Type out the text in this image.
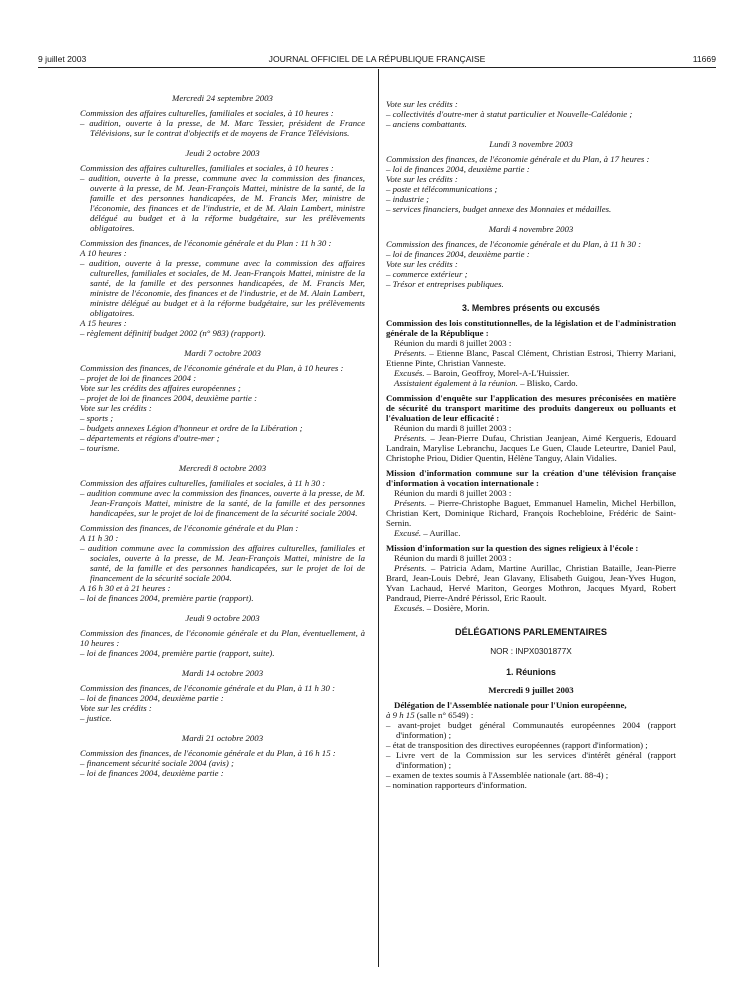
9 juillet 2003	JOURNAL OFFICIEL DE LA RÉPUBLIQUE FRANÇAISE	11669

Mercredi 24 septembre 2003

Commission des affaires culturelles, familiales et sociales, à 10 heures :

– audition, ouverte à la presse, de M. Marc Tessier, président de France Télévisions, sur le contrat d'objectifs et de moyens de France Télévisions.

Jeudi 2 octobre 2003

Commission des affaires culturelles, familiales et sociales, à 10 heures :

– audition, ouverte à la presse, commune avec la commission des finances, ouverte à la presse, de M. Jean-François Mattei, ministre de la santé, de la famille et des personnes handicapées, de M. Francis Mer, ministre de l'économie, des finances et de l'industrie, et de M. Alain Lambert, ministre délégué au budget et à la réforme budgétaire, sur les prélèvements obligatoires.

Commission des finances, de l'économie générale et du Plan : 11 h 30 :

A 10 heures :

– audition, ouverte à la presse, commune avec la commission des affaires culturelles, familiales et sociales, de M. Jean-François Mattei, ministre de la santé, de la famille et des personnes handicapées, de M. Francis Mer, ministre de l'économie, des finances et de l'industrie, et de M. Alain Lambert, ministre délégué au budget et à la réforme budgétaire, sur les prélèvements obligatoires.

A 15 heures :

– règlement définitif budget 2002 (n° 983) (rapport).

Mardi 7 octobre 2003

Commission des finances, de l'économie générale et du Plan, à 10 heures :

– projet de loi de finances 2004 :

Vote sur les crédits des affaires européennes ;

– projet de loi de finances 2004, deuxième partie :

Vote sur les crédits :

– sports ;

– budgets annexes Légion d'honneur et ordre de la Libération ;

– départements et régions d'outre-mer ;

– tourisme.

Mercredi 8 octobre 2003

Commission des affaires culturelles, familiales et sociales, à 11 h 30 :

– audition commune avec la commission des finances, ouverte à la presse, de M. Jean-François Mattei, ministre de la santé, de la famille et des personnes handicapées, sur le projet de loi de financement de la sécurité sociale 2004.

Commission des finances, de l'économie générale et du Plan :

A 11 h 30 :

– audition commune avec la commission des affaires culturelles, familiales et sociales, ouverte à la presse, de M. Jean-François Mattei, ministre de la santé, de la famille et des personnes handicapées, sur le projet de loi de financement de la sécurité sociale 2004.

A 16 h 30 et à 21 heures :

– loi de finances 2004, première partie (rapport).

Jeudi 9 octobre 2003

Commission des finances, de l'économie générale et du Plan, éventuellement, à 10 heures :

– loi de finances 2004, première partie (rapport, suite).

Mardi 14 octobre 2003

Commission des finances, de l'économie générale et du Plan, à 11 h 30 :

– loi de finances 2004, deuxième partie :

Vote sur les crédits :

– justice.

Mardi 21 octobre 2003

Commission des finances, de l'économie générale et du Plan, à 16 h 15 :

– financement sécurité sociale 2004 (avis) ;

– loi de finances 2004, deuxième partie :

Vote sur les crédits :

– collectivités d'outre-mer à statut particulier et Nouvelle-Calédonie ;

– anciens combattants.

Lundi 3 novembre 2003

Commission des finances, de l'économie générale et du Plan, à 17 heures :

– loi de finances 2004, deuxième partie :

Vote sur les crédits :

– poste et télécommunications ;

– industrie ;

– services financiers, budget annexe des Monnaies et médailles.

Mardi 4 novembre 2003

Commission des finances, de l'économie générale et du Plan, à 11 h 30 :

– loi de finances 2004, deuxième partie :

Vote sur les crédits :

– commerce extérieur ;

– Trésor et entreprises publiques.

3. Membres présents ou excusés

Commission des lois constitutionnelles, de la législation et de l'administration générale de la République :

Réunion du mardi 8 juillet 2003 :

Présents. – Etienne Blanc, Pascal Clément, Christian Estrosi, Thierry Mariani, Etienne Pinte, Christian Vanneste.

Excusés. – Baroin, Geoffroy, Morel-A-L'Huissier.

Assistaient également à la réunion. – Blisko, Cardo.

Commission d'enquête sur l'application des mesures préconisées en matière de sécurité du transport maritime des produits dangereux ou polluants et l'évaluation de leur efficacité :

Réunion du mardi 8 juillet 2003 :

Présents. – Jean-Pierre Dufau, Christian Jeanjean, Aimé Kergueris, Edouard Landrain, Marylise Lebranchu, Jacques Le Guen, Claude Leteurtre, Daniel Paul, Christophe Priou, Didier Quentin, Hélène Tanguy, Alain Vidalies.

Mission d'information commune sur la création d'une télévision française d'information à vocation internationale :

Réunion du mardi 8 juillet 2003 :

Présents. – Pierre-Christophe Baguet, Emmanuel Hamelin, Michel Herbillon, Christian Kert, Dominique Richard, François Rochebloine, Frédéric de Saint-Sernin.

Excusé. – Aurillac.

Mission d'information sur la question des signes religieux à l'école :

Réunion du mardi 8 juillet 2003 :

Présents. – Patricia Adam, Martine Aurillac, Christian Bataille, Jean-Pierre Brard, Jean-Louis Debré, Jean Glavany, Elisabeth Guigou, Jean-Yves Hugon, Yvan Lachaud, Hervé Mariton, Georges Mothron, Jacques Myard, Robert Pandraud, Pierre-André Périssol, Eric Raoult.

Excusés. – Dosière, Morin.

DÉLÉGATIONS PARLEMENTAIRES

NOR : INPX0301877X

1. Réunions

Mercredi 9 juillet 2003

Délégation de l'Assemblée nationale pour l'Union européenne,

à 9 h 15 (salle n° 6549) :

– avant-projet budget général Communautés européennes 2004 (rapport d'information) ;

– état de transposition des directives européennes (rapport d'information) ;

– Livre vert de la Commission sur les services d'intérêt général (rapport d'information) ;

– examen de textes soumis à l'Assemblée nationale (art. 88-4) ;

– nomination rapporteurs d'information.
